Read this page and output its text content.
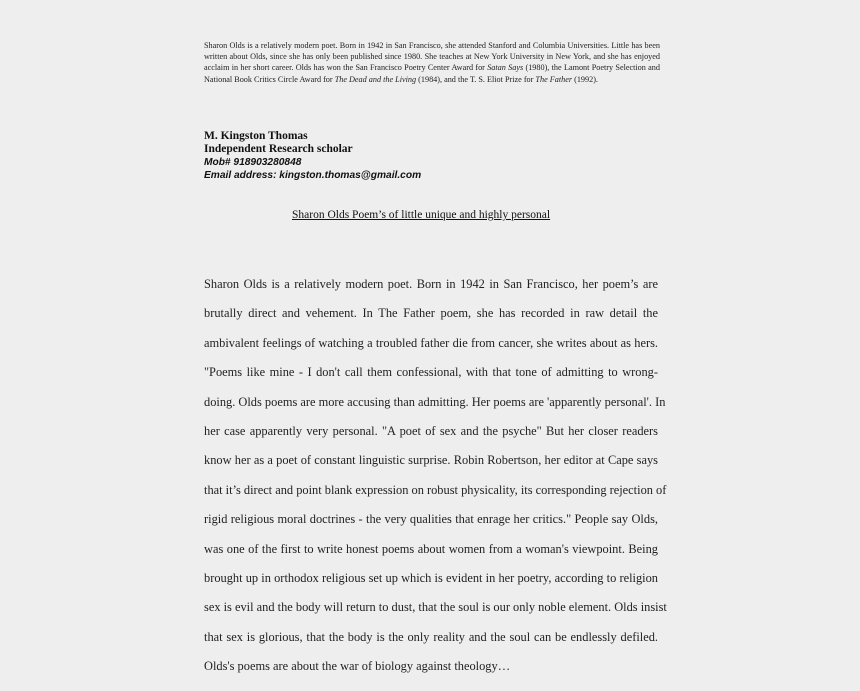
Sharon Olds is a relatively modern poet. Born in 1942 in San Francisco, she attended Stanford and Columbia Universities. Little has been written about Olds, since she has only been published since 1980. She teaches at New York University in New York, and she has enjoyed acclaim in her short career. Olds has won the San Francisco Poetry Center Award for Satan Says (1980), the Lamont Poetry Selection and National Book Critics Circle Award for The Dead and the Living (1984), and the T. S. Eliot Prize for The Father (1992).
M. Kingston Thomas
Independent Research scholar
Mob# 918903280848
Email address: kingston.thomas@gmail.com
Sharon Olds Poem’s of little unique and highly personal
Sharon Olds is a relatively modern poet. Born in 1942 in San Francisco, her poem’s are
brutally direct and vehement. In The Father poem, she has recorded in raw detail the
ambivalent feelings of watching a troubled father die from cancer, she writes about as hers.
"Poems like mine - I don't call them confessional, with that tone of admitting to wrong-
doing. Olds poems are more accusing than admitting. Her poems are 'apparently personal'. In
her case apparently very personal. "A poet of sex and the psyche" But her closer readers
know her as a poet of constant linguistic surprise. Robin Robertson, her editor at Cape says
that it’s direct and point blank expression on robust physicality, its corresponding rejection of
rigid religious moral doctrines - the very qualities that enrage her critics." People say Olds,
was one of the first to write honest poems about women from a woman's viewpoint. Being
brought up in orthodox religious set up which is evident in her poetry, according to religion
sex is evil and the body will return to dust, that the soul is our only noble element. Olds insist
that sex is glorious, that the body is the only reality and the soul can be endlessly defiled.
Olds's poems are about the war of biology against theology…
